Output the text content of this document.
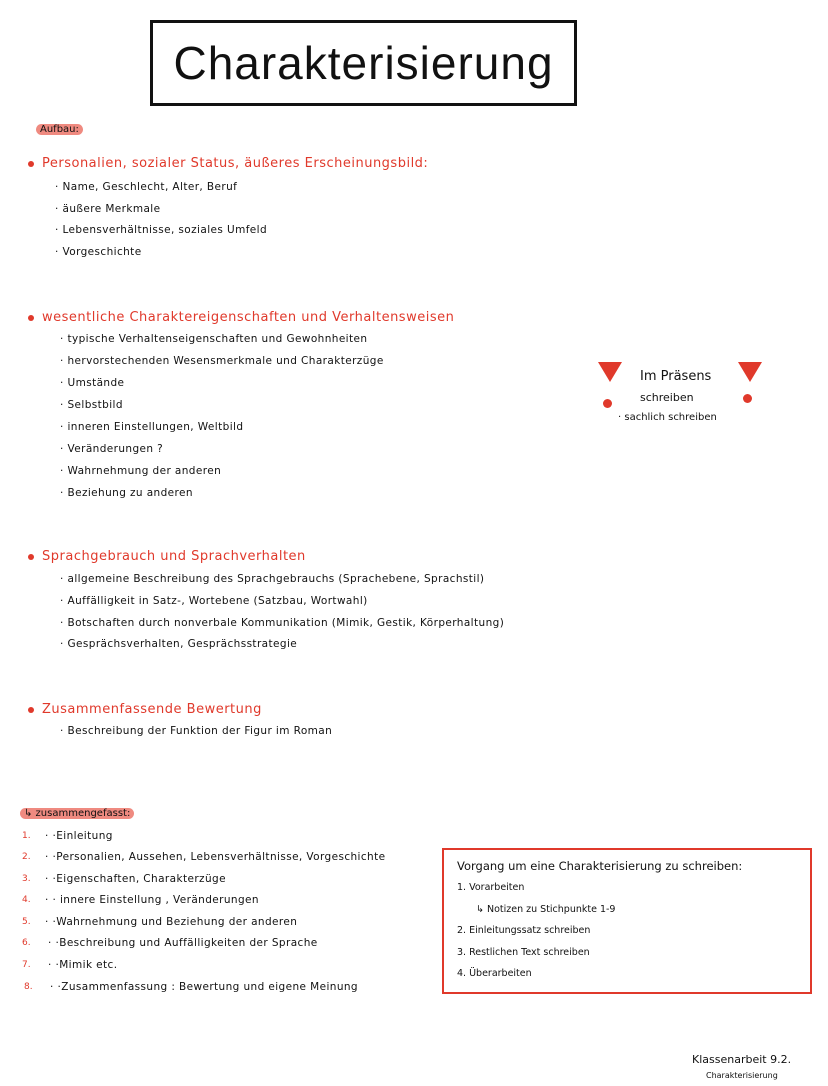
Charakterisierung
Aufbau:
Personalien, sozialer Status, äußeres Erscheinungsbild:
· Name, Geschlecht, Alter, Beruf
· äußere Merkmale
· Lebensverhältnisse, soziales Umfeld
· Vorgeschichte
wesentliche Charaktereigenschaften und Verhaltensweisen
· typische Verhaltenseigenschaften und Gewohnheiten
· hervorstechenden Wesensmerkmale und Charakterzüge
· Umstände
· Selbstbild
· inneren Einstellungen, Weltbild
· Veränderungen ?
· Wahrnehmung der anderen
· Beziehung zu anderen
Sprachgebrauch und Sprachverhalten
· allgemeine Beschreibung des Sprachgebrauchs (Sprachebene, Sprachstil)
· Auffälligkeit in Satz-, Wortebene (Satzbau, Wortwahl)
· Botschaften durch nonverbale Kommunikation (Mimik, Gestik, Körperhaltung)
· Gesprächsverhalten, Gesprächsstrategie
Zusammenfassende Bewertung
· Beschreibung der Funktion der Figur im Roman
Im Präsens
schreiben
· sachlich schreiben
↳ zusammengefasst:
1.	· ·Einleitung
2.	· ·Personalien, Aussehen, Lebensverhältnisse, Vorgeschichte
3.	· ·Eigenschaften, Charakterzüge
4.	· · innere Einstellung , Veränderungen
5.	· ·Wahrnehmung und Beziehung der anderen
6.	· ·Beschreibung und Auffälligkeiten der Sprache
7.	· ·Mimik etc.
8.	· ·Zusammenfassung : Bewertung und eigene Meinung
Vorgang um eine Charakterisierung zu schreiben:
1. Vorarbeiten
↳ Notizen zu Stichpunkte 1-9
2. Einleitungssatz schreiben
3. Restlichen Text schreiben
4. Überarbeiten
Klassenarbeit 9.2.
Charakterisierung
